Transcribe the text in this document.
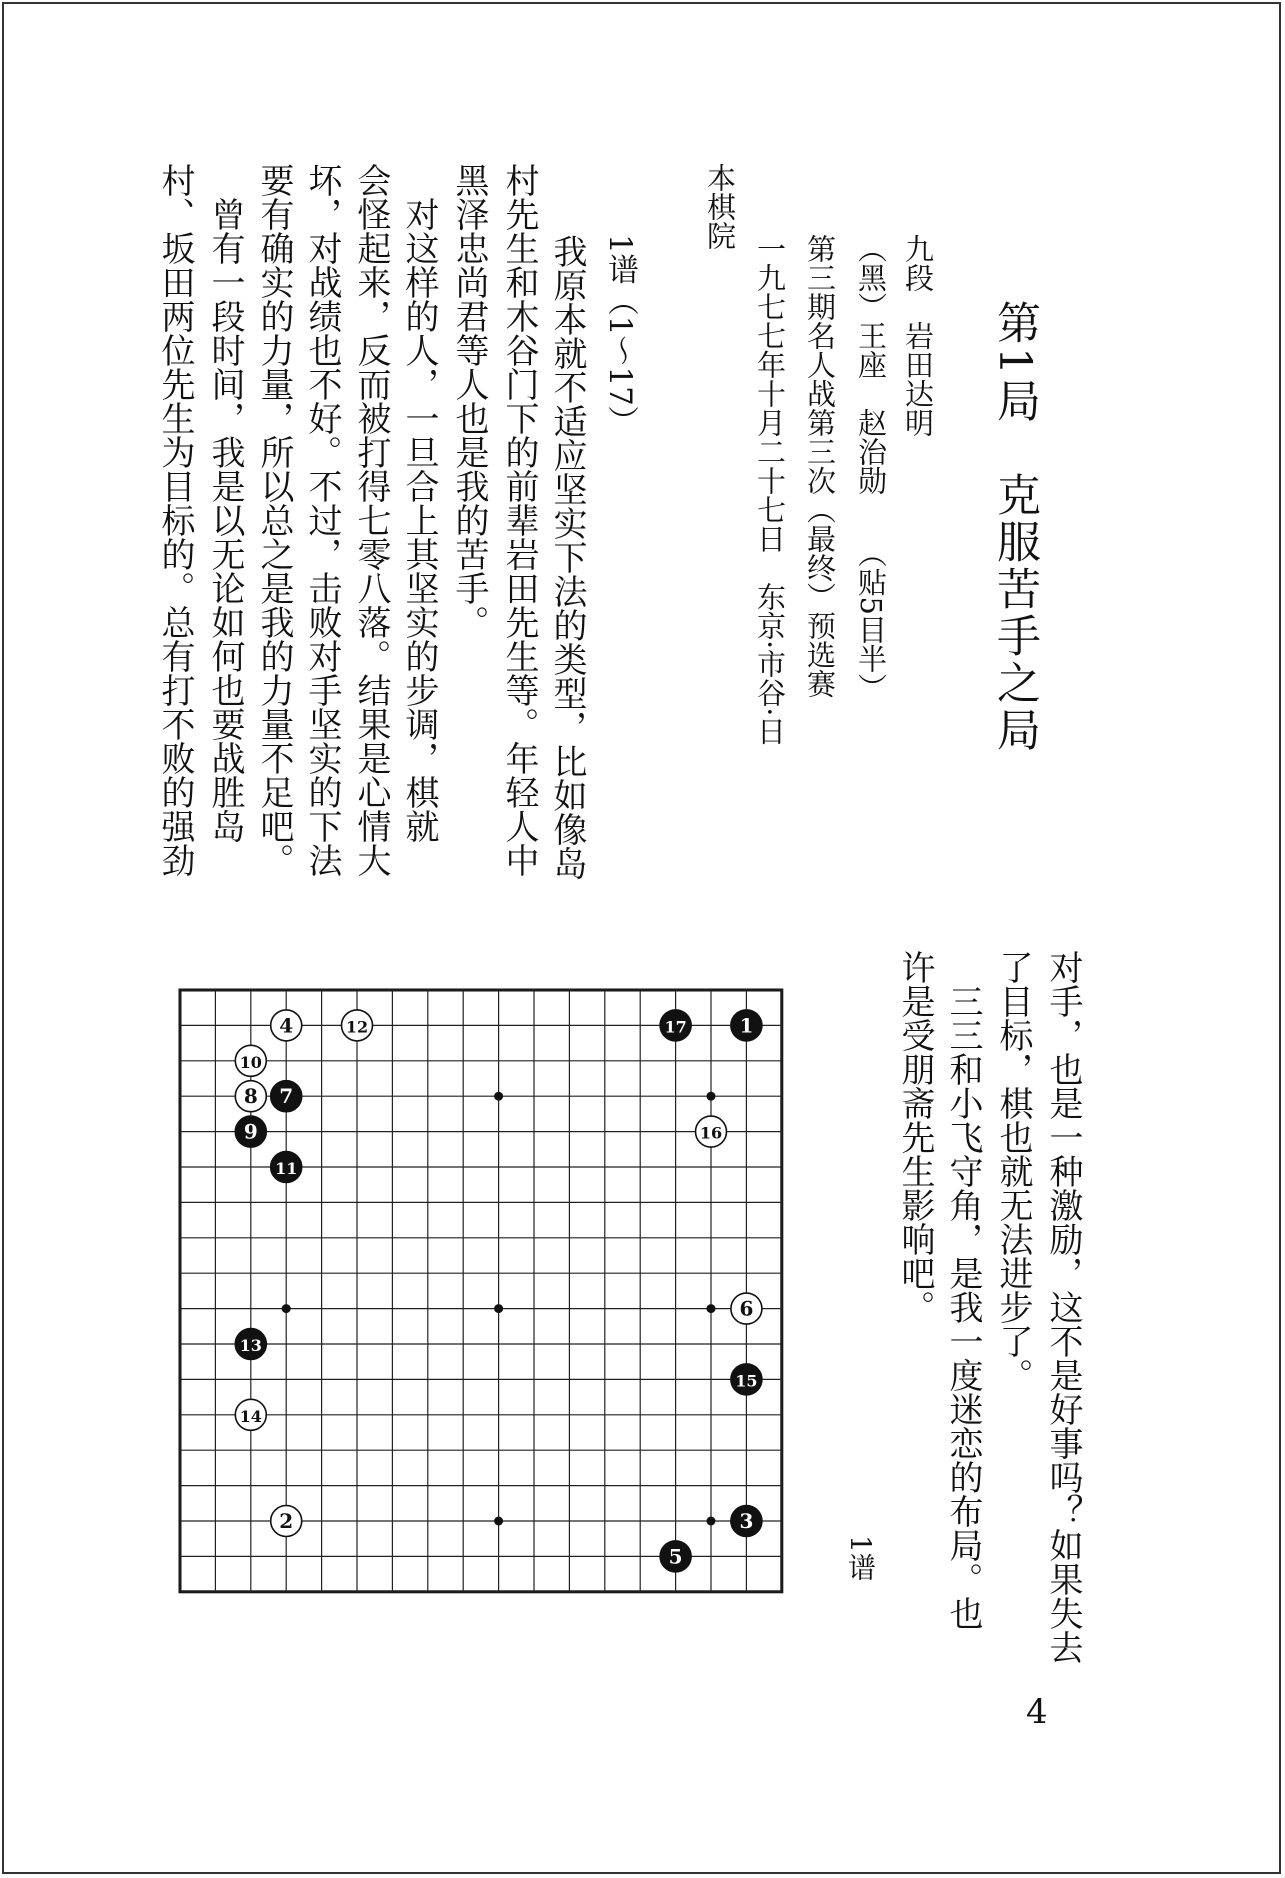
第1局　克服苦手之局
九段　岩田达明
（黑）王座　赵治勋　　（贴5目半）
第三期名人战第三次（最终）预选赛
一九七七年十月二十七日　东京·市谷·日
本棋院
1谱（1～17）
我原本就不适应坚实下法的类型，比如像岛
村先生和木谷门下的前辈岩田先生等。年轻人中
黑泽忠尚君等人也是我的苦手。
　对这样的人，一旦合上其坚实的步调，棋就
会怪起来，反而被打得七零八落。结果是心情大
坏，对战绩也不好。不过，击败对手坚实的下法
要有确实的力量，所以总之是我的力量不足吧。
　曾有一段时间，我是以无论如何也要战胜岛
村、坂田两位先生为目标的。总有打不败的强劲
对手，也是一种激励，这不是好事吗？如果失去
了目标，棋也就无法进步了。
　三三和小飞守角，是我一度迷恋的布局。也
许是受朋斋先生影响吧。
1
2	3
4
5
6
7
8
9
10
11
12
13
14
15
16
17
1谱
4
